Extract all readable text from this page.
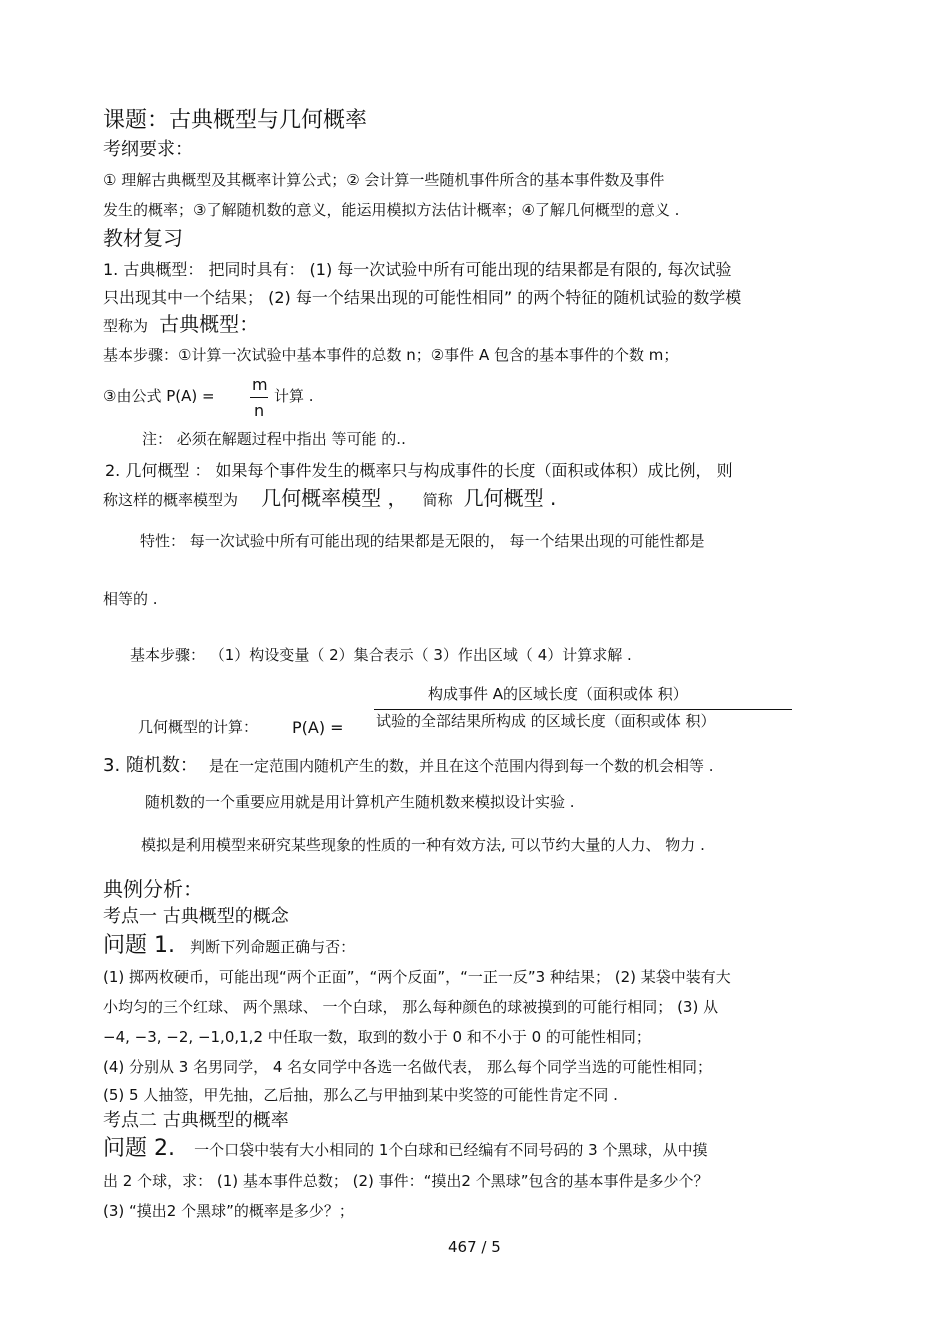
课题：古典概型与几何概率
考纲要求：
① 理解古典概型及其概率计算公式；② 会计算一些随机事件所含的基本事件数及事件
发生的概率；③了解随机数的意义，能运用模拟方法估计概率；④了解几何概型的意义 .
教材复习
1. 古典概型： 把同时具有： (1) 每一次试验中所有可能出现的结果都是有限的, 每次试验
只出现其中一个结果； (2) 每一个结果出现的可能性相同” 的两个特征的随机试验的数学模
型称为 古典概型：
基本步骤：①计算一次试验中基本事件的总数 n；②事件 A 包含的基本事件的个数 m；
③由公式 P(A) =
m
n
计算 .
注： 必须在解题过程中指出 等可能 的..
2. 几何概型 ： 如果每个事件发生的概率只与构成事件的长度（面积或体积）成比例， 则
称这样的概率模型为 几何概率模型 ， 简称 几何概型 .
特性： 每一次试验中所有可能出现的结果都是无限的， 每一个结果出现的可能性都是
相等的 .
基本步骤： （1）构设变量（ 2）集合表示（ 3）作出区域（ 4）计算求解 .
几何概型的计算： P(A) =
构成事件 A的区域长度（面积或体 积）
试验的全部结果所构成 的区域长度（面积或体 积）
3. 随机数： 是在一定范围内随机产生的数，并且在这个范围内得到每一个数的机会相等 .
随机数的一个重要应用就是用计算机产生随机数来模拟设计实验 .
模拟是利用模型来研究某些现象的性质的一种有效方法, 可以节约大量的人力、 物力 .
典例分析：
考点一 古典概型的概念
问题 1. 判断下列命题正确与否：
(1) 掷两枚硬币，可能出现“两个正面”，“两个反面”，“一正一反”3 种结果； (2) 某袋中装有大
小均匀的三个红球、 两个黑球、 一个白球， 那么每种颜色的球被摸到的可能行相同； (3) 从
−4, −3, −2, −1,0,1,2 中任取一数，取到的数小于 0 和不小于 0 的可能性相同；
(4) 分别从 3 名男同学， 4 名女同学中各选一名做代表， 那么每个同学当选的可能性相同；
(5) 5 人抽签，甲先抽，乙后抽，那么乙与甲抽到某中奖签的可能性肯定不同 .
考点二 古典概型的概率
问题 2. 一个口袋中装有大小相同的 1个白球和已经编有不同号码的 3 个黑球，从中摸
出 2 个球，求： (1) 基本事件总数； (2) 事件：“摸出2 个黑球”包含的基本事件是多少个？
(3) “摸出2 个黑球”的概率是多少？；
467 / 5
